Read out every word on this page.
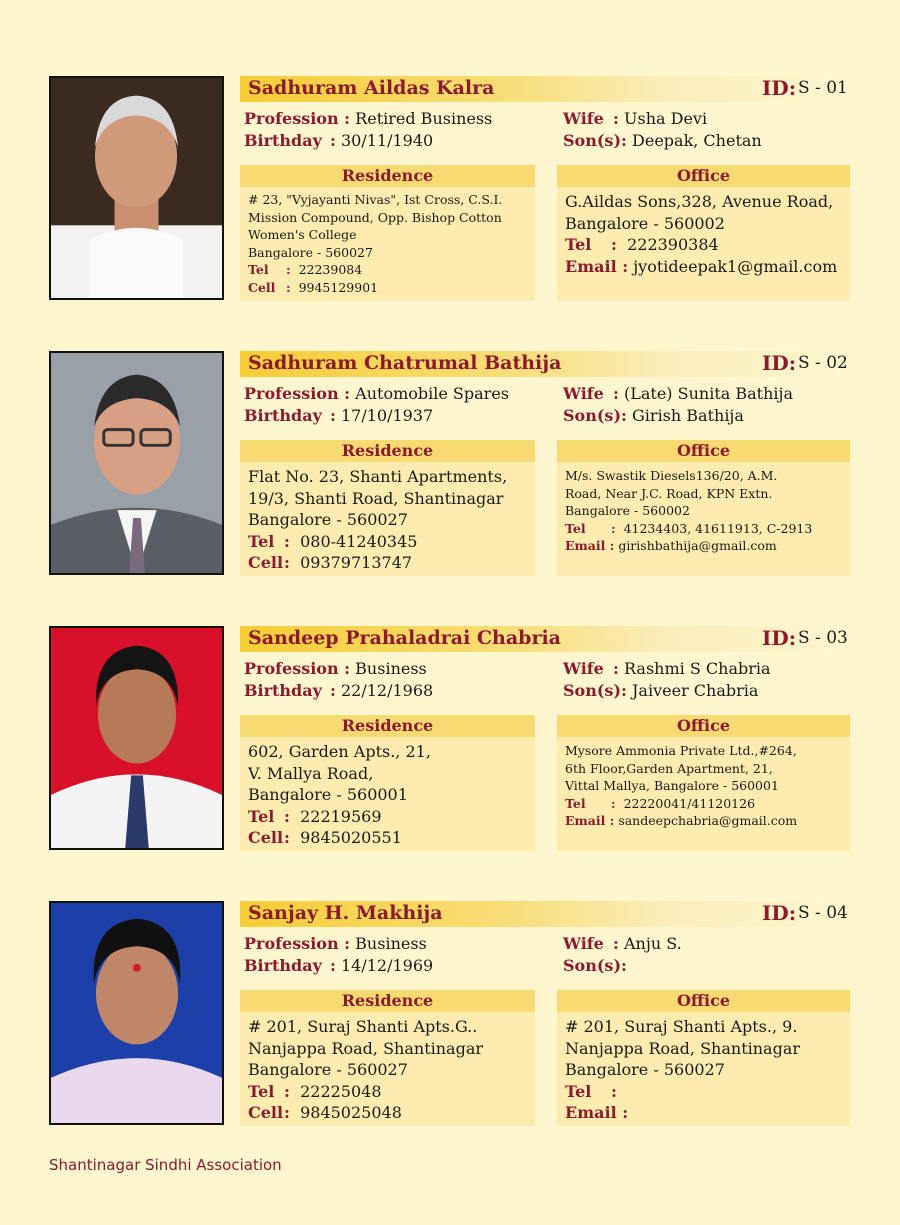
Sadhuram Aildas Kalra	ID: S - 01
Profession : Retired Business
Birthday : 30/11/1940
Wife : Usha Devi
Son(s): Deepak, Chetan
Residence
# 23, "Vyjayanti Nivas", Ist Cross, C.S.I.
Mission Compound, Opp. Bishop Cotton
Women's College
Bangalore - 560027
Tel : 22239084
Cell : 9945129901
Office
G.Aildas Sons,328, Avenue Road,
Bangalore - 560002
Tel : 222390384
Email : jyotideepak1@gmail.com
Sadhuram Chatrumal Bathija	ID: S - 02
Profession : Automobile Spares
Birthday : 17/10/1937
Wife : (Late) Sunita Bathija
Son(s): Girish Bathija
Residence
Flat No. 23, Shanti Apartments,
19/3, Shanti Road, Shantinagar
Bangalore - 560027
Tel : 080-41240345
Cell: 09379713747
Office
M/s. Swastik Diesels136/20, A.M.
Road, Near J.C. Road, KPN Extn.
Bangalore - 560002
Tel : 41234403, 41611913, C-2913
Email : girishbathija@gmail.com
Sandeep Prahaladrai Chabria	ID: S - 03
Profession : Business
Birthday : 22/12/1968
Wife : Rashmi S Chabria
Son(s): Jaiveer Chabria
Residence
602, Garden Apts., 21,
V. Mallya Road,
Bangalore - 560001
Tel : 22219569
Cell: 9845020551
Office
Mysore Ammonia Private Ltd.,#264,
6th Floor,Garden Apartment, 21,
Vittal Mallya, Bangalore - 560001
Tel : 22220041/41120126
Email : sandeepchabria@gmail.com
Sanjay H. Makhija	ID: S - 04
Profession : Business
Birthday : 14/12/1969
Wife : Anju S.
Son(s):
Residence
# 201, Suraj Shanti Apts.G..
Nanjappa Road, Shantinagar
Bangalore - 560027
Tel : 22225048
Cell: 9845025048
Office
# 201, Suraj Shanti Apts., 9.
Nanjappa Road, Shantinagar
Bangalore - 560027
Tel :
Email :
Shantinagar Sindhi Association
